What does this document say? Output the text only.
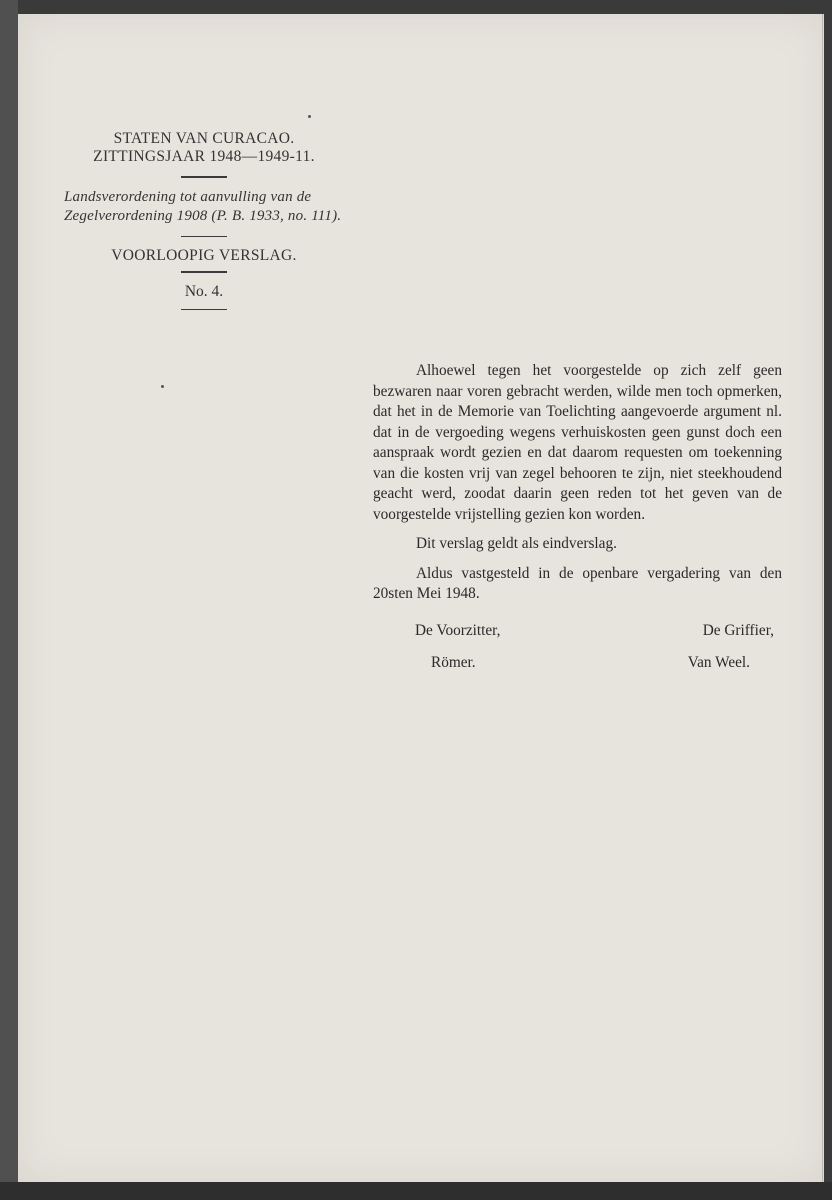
STATEN VAN CURACAO.
ZITTINGSJAAR 1948—1949-11.
Landsverordening tot aanvulling van de Zegelverordening 1908 (P. B. 1933, no. 111).
VOORLOOPIG VERSLAG.
No. 4.

Alhoewel tegen het voorgestelde op zich zelf geen bezwaren naar voren gebracht werden, wilde men toch opmerken, dat het in de Memorie van Toelichting aangevoerde argument nl. dat in de vergoeding wegens verhuiskosten geen gunst doch een aanspraak wordt gezien en dat daarom requesten om toekenning van die kosten vrij van zegel behooren te zijn, niet steekhoudend geacht werd, zoodat daarin geen reden tot het geven van de voorgestelde vrijstelling gezien kon worden.

Dit verslag geldt als eindverslag.

Aldus vastgesteld in de openbare vergadering van den 20sten Mei 1948.

De Voorzitter,	De Griffier,
Römer.	Van Weel.
